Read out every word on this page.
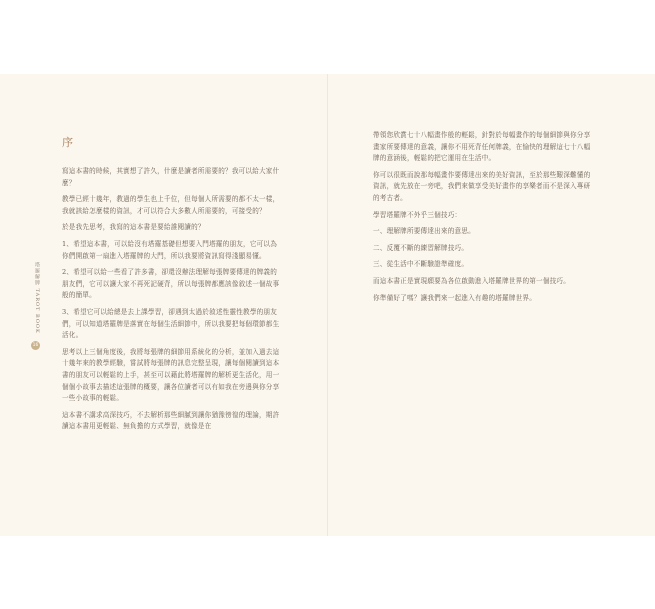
塔羅解牌 TAROT BOOK
16
序

寫這本書的時候，其實想了許久，什麼是讀者所需要的？我可以給大家什麼？

教學已經十幾年，教過的學生也上千位，但每個人所需要的都不太一樣，我就該給怎麼樣的資訊，才可以符合大多數人所需要的，可接受的？

於是我先思考，我寫的這本書是要給誰閱讀的？

1、希望這本書，可以給沒有塔羅基礎但想要入門塔羅的朋友，它可以為你們開啟第一扇進入塔羅牌的大門，所以我要將資訊寫得淺顯易懂。

2、希望可以給一些看了許多書，卻還沒辦法理解每張牌要傳達的牌義的朋友們，它可以讓大家不再死記硬背，所以每張牌都應該像敘述一個故事般的簡單。

3、希望它可以給總是去上課學習，卻遇到太過於敘述性靈性教學的朋友們，可以知道塔羅牌是落實在每個生活細節中，所以我要把每個環節都生活化。

思考以上三個角度後，我將每張牌的細節用系統化的分析，並加入過去這十幾年來的教學經驗，嘗試將每張牌的訊息完整呈現，讓每個閱讀到這本書的朋友可以輕鬆的上手，甚至可以藉此將塔羅牌的解析更生活化，用一個個小故事去描述這張牌的概要，讓各位讀者可以有如我在旁邊與你分享一些小故事的輕鬆。

這本書不講求高深技巧，不去解析那些細膩到讓你猶豫徬徨的理論，期許讀這本書用更輕鬆、無負擔的方式學習，就像是在

帶領您欣賞七十八幅畫作般的輕鬆，針對於每幅畫作的每個細節與你分享畫家所要傳達的意義，讓你不用死背任何牌義，在愉快的理解這七十八幅牌的意涵後，輕鬆的把它運用在生活中。

你可以很既而說那每幅畫作要傳達出來的美好資訊，至於那些艱深難懂的資訊，就先放在一旁吧，我們來做享受美好畫作的享樂者而不是深入專研的考古者。

學習塔羅牌不外乎三個技巧：

一、理解牌所要傳達出來的意思。

二、反覆不斷的練習解牌技巧。

三、從生活中不斷驗證準確度。

而這本書正是實現願要為各位啟動進入塔羅牌世界的第一個技巧。

你準備好了嗎？讓我們來一起進入有趣的塔羅牌世界。
